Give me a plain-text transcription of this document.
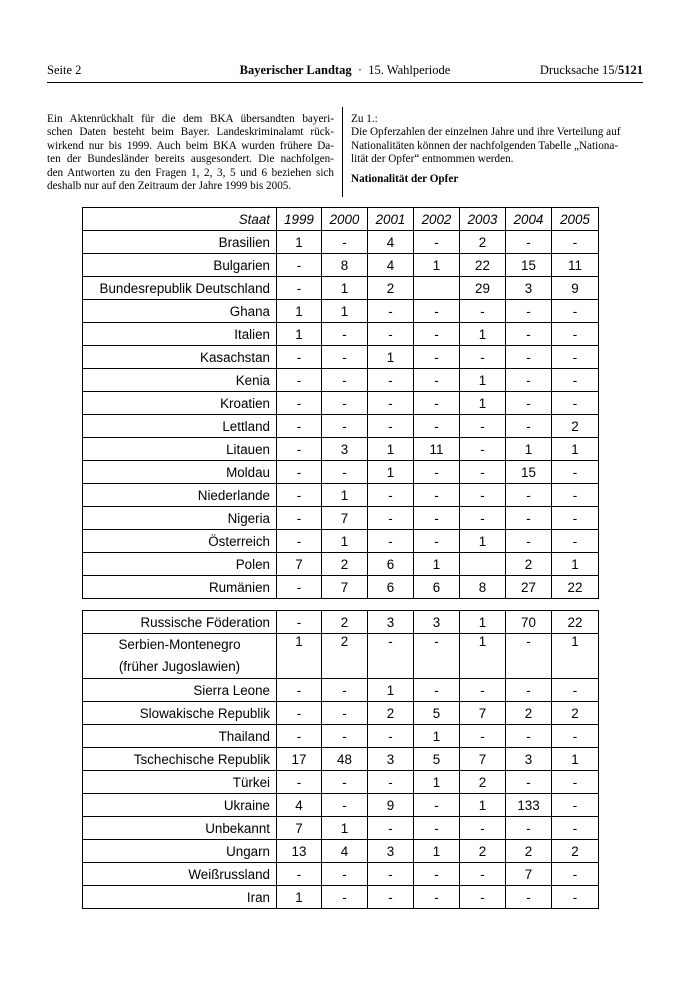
Seite 2	Bayerischer Landtag · 15. Wahlperiode	Drucksache 15/5121
Ein Aktenrückhalt für die dem BKA übersandten bayeri-
schen Daten besteht beim Bayer. Landeskriminalamt rück-
wirkend nur bis 1999. Auch beim BKA wurden frühere Da-
ten der Bundesländer bereits ausgesondert. Die nachfolgen-
den Antworten zu den Fragen 1, 2, 3, 5 und 6 beziehen sich
deshalb nur auf den Zeitraum der Jahre 1999 bis 2005.
Zu 1.:
Die Opferzahlen der einzelnen Jahre und ihre Verteilung auf
Nationalitäten können der nachfolgenden Tabelle „Nationa-
lität der Opfer“ entnommen werden.
Nationalität der Opfer
Staat	1999	2000	2001	2002	2003	2004	2005
Brasilien	1	-	4	-	2	-	-
Bulgarien	-	8	4	1	22	15	11
Bundesrepublik Deutschland	-	1	2		29	3	9
Ghana	1	1	-	-	-	-	-
Italien	1	-	-	-	1	-	-
Kasachstan	-	-	1	-	-	-	-
Kenia	-	-	-	-	1	-	-
Kroatien	-	-	-	-	1	-	-
Lettland	-	-	-	-	-	-	2
Litauen	-	3	1	11	-	1	1
Moldau	-	-	1	-	-	15	-
Niederlande	-	1	-	-	-	-	-
Nigeria	-	7	-	-	-	-	-
Österreich	-	1	-	-	1	-	-
Polen	7	2	6	1		2	1
Rumänien	-	7	6	6	8	27	22
Russische Föderation	-	2	3	3	1	70	22

Serbien-Montenegro
(früher Jugoslawien)	1	2	-	-	1	-	1
Sierra Leone	-	-	1	-	-	-	-
Slowakische Republik	-	-	2	5	7	2	2
Thailand	-	-	-	1	-	-	-
Tschechische Republik	17	48	3	5	7	3	1
Türkei	-	-	-	1	2	-	-
Ukraine	4	-	9	-	1	133	-
Unbekannt	7	1	-	-	-	-	-
Ungarn	13	4	3	1	2	2	2
Weißrussland	-	-	-	-	-	7	-
Iran	1	-	-	-	-	-	-
